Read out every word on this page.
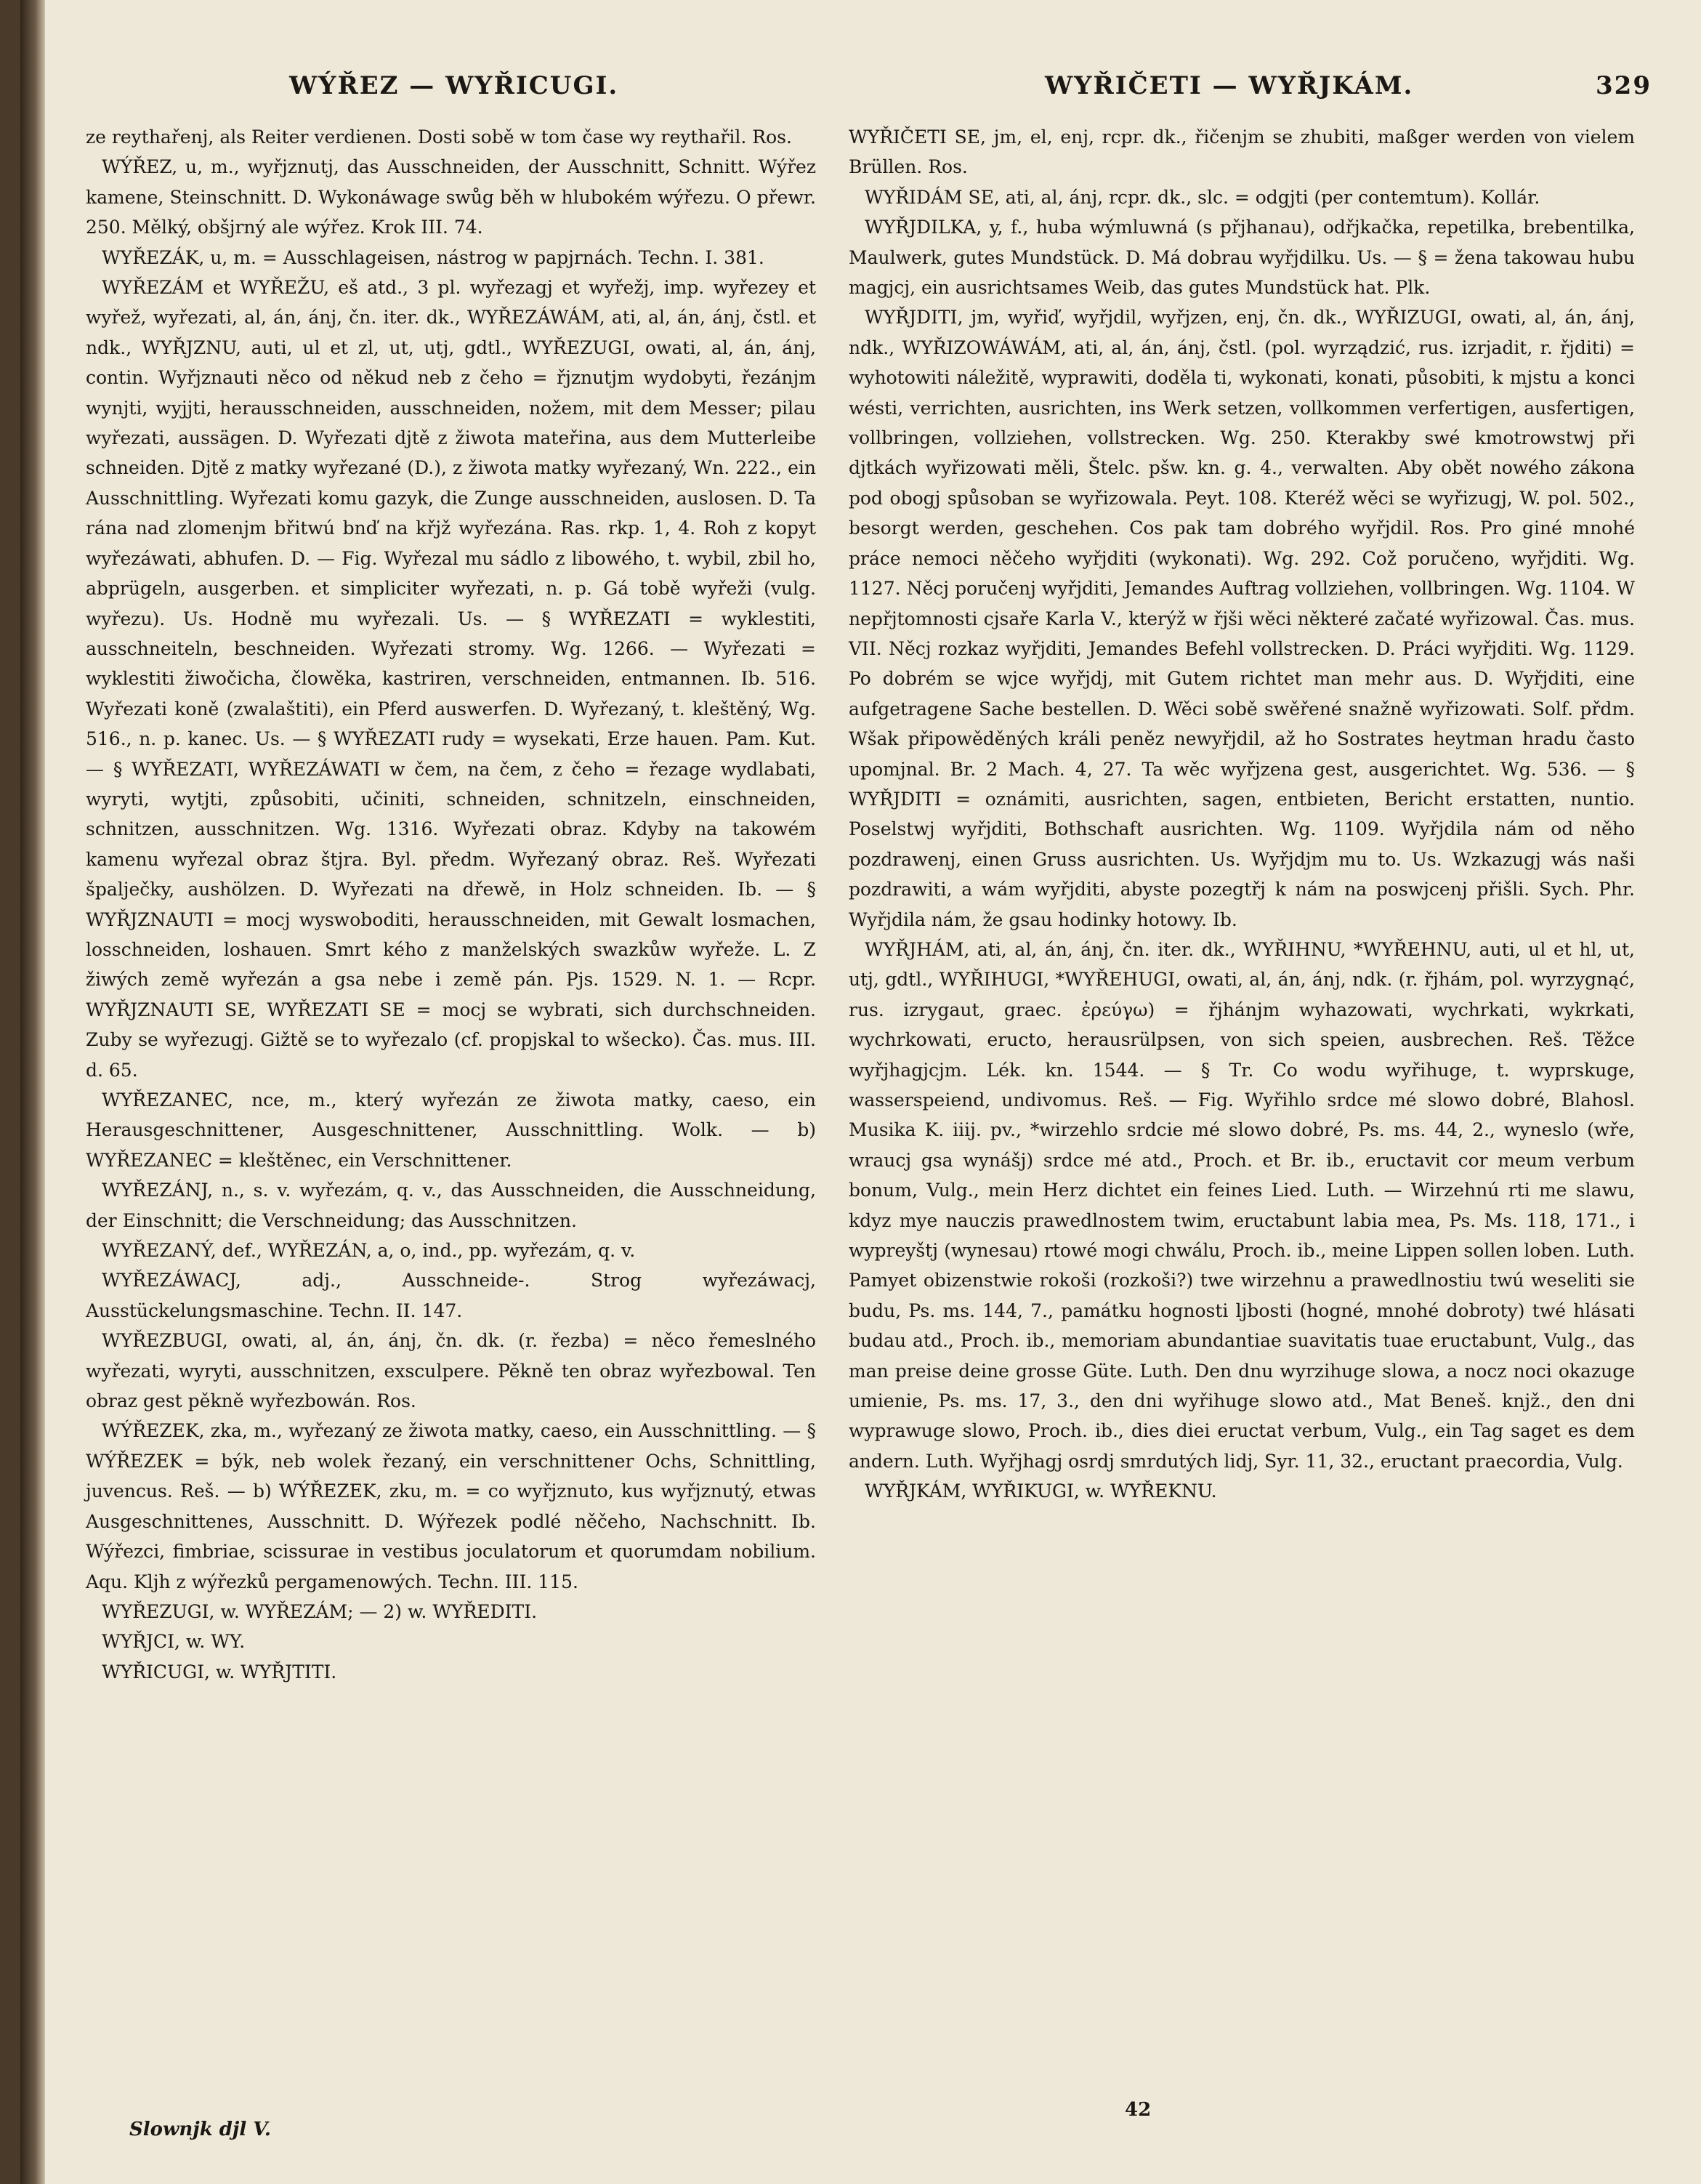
WÝŘEZ — WYŘICUGI.	WYŘIČETI — WYŘJKÁM.	329

ze reythařenj, als Reiter verdienen. Dosti sobě w tom čase wy reythařil. Ros.

WÝŘEZ, u, m., wyřjznutj, das Ausschneiden, der Ausschnitt, Schnitt. Wýřez kamene, Steinschnitt. D. Wykonáwage swůg běh w hlubokém wýřezu. O přewr. 250. Mělký, obšjrný ale wýřez. Krok III. 74.

WYŘEZÁK, u, m. = Ausschlageisen, nástrog w papjrnách. Techn. I. 381.

WYŘEZÁM et WYŘEŽU, eš atd., 3 pl. wyřezagj et wyřežj, imp. wyřezey et wyřež, wyřezati, al, án, ánj, čn. iter. dk., WYŘEZÁWÁM, ati, al, án, ánj, čstl. et ndk., WYŘJZNU, auti, ul et zl, ut, utj, gdtl., WYŘEZUGI, owati, al, án, ánj, contin. Wyřjznauti něco od někud neb z čeho = řjznutjm wydobyti, řezánjm wynjti, wyjjti, herausschneiden, ausschneiden, nožem, mit dem Messer; pilau wyřezati, aussägen. D. Wyřezati djtě z žiwota mateřina, aus dem Mutterleibe schneiden. Djtě z matky wyřezané (D.), z žiwota matky wyřezaný, Wn. 222., ein Ausschnittling. Wyřezati komu gazyk, die Zunge ausschneiden, auslosen. D. Ta rána nad zlomenjm břitwú bnď na křjž wyřezána. Ras. rkp. 1, 4. Roh z kopyt wyřezáwati, abhufen. D. — Fig. Wyřezal mu sádlo z libowého, t. wybil, zbil ho, abprügeln, ausgerben. et simpliciter wyřezati, n. p. Gá tobě wyřeži (vulg. wyřezu). Us. Hodně mu wyřezali. Us. — § WYŘEZATI = wyklestiti, ausschneiteln, beschneiden. Wyřezati stromy. Wg. 1266. — Wyřezati = wyklestiti žiwočicha, člowěka, kastriren, verschneiden, entmannen. Ib. 516. Wyřezati koně (zwalaštiti), ein Pferd auswerfen. D. Wyřezaný, t. kleštěný, Wg. 516., n. p. kanec. Us. — § WYŘEZATI rudy = wysekati, Erze hauen. Pam. Kut. — § WYŘEZATI, WYŘEZÁWATI w čem, na čem, z čeho = řezage wydlabati, wyryti, wytjti, způsobiti, učiniti, schneiden, schnitzeln, einschneiden, schnitzen, ausschnitzen. Wg. 1316. Wyřezati obraz. Kdyby na takowém kamenu wyřezal obraz štjra. Byl. předm. Wyřezaný obraz. Reš. Wyřezati špalječky, aushölzen. D. Wyřezati na dřewě, in Holz schneiden. Ib. — § WYŘJZNAUTI = mocj wyswoboditi, herausschneiden, mit Gewalt losmachen, losschneiden, loshauen. Smrt kého z manželských swazkůw wyřeže. L. Z žiwých země wyřezán a gsa nebe i země pán. Pjs. 1529. N. 1. — Rcpr. WYŘJZNAUTI SE, WYŘEZATI SE = mocj se wybrati, sich durchschneiden. Zuby se wyřezugj. Gižtě se to wyřezalo (cf. propjskal to wšecko). Čas. mus. III. d. 65.

WYŘEZANEC, nce, m., který wyřezán ze žiwota matky, caeso, ein Herausgeschnittener, Ausgeschnittener, Ausschnittling. Wolk. — b) WYŘEZANEC = kleštěnec, ein Verschnittener.

WYŘEZÁNJ, n., s. v. wyřezám, q. v., das Ausschneiden, die Ausschneidung, der Einschnitt; die Verschneidung; das Ausschnitzen.

WYŘEZANÝ, def., WYŘEZÁN, a, o, ind., pp. wyřezám, q. v.

WYŘEZÁWACJ, adj., Ausschneide-. Strog wyřezáwacj, Ausstückelungsmaschine. Techn. II. 147.

WYŘEZBUGI, owati, al, án, ánj, čn. dk. (r. řezba) = něco řemeslného wyřezati, wyryti, ausschnitzen, exsculpere. Pěkně ten obraz wyřezbowal. Ten obraz gest pěkně wyřezbowán. Ros.

WÝŘEZEK, zka, m., wyřezaný ze žiwota matky, caeso, ein Ausschnittling. — § WÝŘEZEK = býk, neb wolek řezaný, ein verschnittener Ochs, Schnittling, juvencus. Reš. — b) WÝŘEZEK, zku, m. = co wyřjznuto, kus wyřjznutý, etwas Ausgeschnittenes, Ausschnitt. D. Wýřezek podlé něčeho, Nachschnitt. Ib. Wýřezci, fimbriae, scissurae in vestibus joculatorum et quorumdam nobilium. Aqu. Kljh z wýřezků pergamenowých. Techn. III. 115.

WYŘEZUGI, w. WYŘEZÁM; — 2) w. WYŘEDITI.

WYŘJCI, w. WY.

WYŘICUGI, w. WYŘJTITI.

WYŘIČETI SE, jm, el, enj, rcpr. dk., řičenjm se zhubiti, maßger werden von vielem Brüllen. Ros.

WYŘIDÁM SE, ati, al, ánj, rcpr. dk., slc. = odgjti (per contemtum). Kollár.

WYŘJDILKA, y, f., huba wýmluwná (s přjhanau), odřjkačka, repetilka, brebentilka, Maulwerk, gutes Mundstück. D. Má dobrau wyřjdilku. Us. — § = žena takowau hubu magjcj, ein ausrichtsames Weib, das gutes Mundstück hat. Plk.

WYŘJDITI, jm, wyřiď, wyřjdil, wyřjzen, enj, čn. dk., WYŘIZUGI, owati, al, án, ánj, ndk., WYŘIZOWÁWÁM, ati, al, án, ánj, čstl. (pol. wyrządzić, rus. izrjadit, r. řjditi) = wyhotowiti náležitě, wyprawiti, doděla ti, wykonati, konati, působiti, k mjstu a konci wésti, verrichten, ausrichten, ins Werk setzen, vollkommen verfertigen, ausfertigen, vollbringen, vollziehen, vollstrecken. Wg. 250. Kterakby swé kmotrowstwj při djtkách wyřizowati měli, Štelc. pšw. kn. g. 4., verwalten. Aby obět nowého zákona pod obogj spůsoban se wyřizowala. Peyt. 108. Kteréž wěci se wyřizugj, W. pol. 502., besorgt werden, geschehen. Cos pak tam dobrého wyřjdil. Ros. Pro giné mnohé práce nemoci něčeho wyřjditi (wykonati). Wg. 292. Což poručeno, wyřjditi. Wg. 1127. Něcj poručenj wyřjditi, Jemandes Auftrag vollziehen, vollbringen. Wg. 1104. W nepřjtomnosti cjsaře Karla V., kterýž w řjši wěci některé začaté wyřizowal. Čas. mus. VII. Něcj rozkaz wyřjditi, Jemandes Befehl vollstrecken. D. Práci wyřjditi. Wg. 1129. Po dobrém se wjce wyřjdj, mit Gutem richtet man mehr aus. D. Wyřjditi, eine aufgetragene Sache bestellen. D. Wěci sobě swěřené snažně wyřizowati. Solf. přdm. Wšak připowěděných králi peněz newyřjdil, až ho Sostrates heytman hradu často upomjnal. Br. 2 Mach. 4, 27. Ta wěc wyřjzena gest, ausgerichtet. Wg. 536. — § WYŘJDITI = oznámiti, ausrichten, sagen, entbieten, Bericht erstatten, nuntio. Poselstwj wyřjditi, Bothschaft ausrichten. Wg. 1109. Wyřjdila nám od něho pozdrawenj, einen Gruss ausrichten. Us. Wyřjdjm mu to. Us. Wzkazugj wás naši pozdrawiti, a wám wyřjditi, abyste pozegtřj k nám na poswjcenj přišli. Sych. Phr. Wyřjdila nám, že gsau hodinky hotowy. Ib.

WYŘJHÁM, ati, al, án, ánj, čn. iter. dk., WYŘIHNU, *WYŘEHNU, auti, ul et hl, ut, utj, gdtl., WYŘIHUGI, *WYŘEHUGI, owati, al, án, ánj, ndk. (r. řjhám, pol. wyrzygnąć, rus. izrygaut, graec. ἐρεύγω) = řjhánjm wyhazowati, wychrkati, wykrkati, wychrkowati, eructo, herausrülpsen, von sich speien, ausbrechen. Reš. Těžce wyřjhagjcjm. Lék. kn. 1544. — § Tr. Co wodu wyřihuge, t. wyprskuge, wasserspeiend, undivomus. Reš. — Fig. Wyřihlo srdce mé slowo dobré, Blahosl. Musika K. iiij. pv., *wirzehlo srdcie mé slowo dobré, Ps. ms. 44, 2., wyneslo (wře, wraucj gsa wynášj) srdce mé atd., Proch. et Br. ib., eructavit cor meum verbum bonum, Vulg., mein Herz dichtet ein feines Lied. Luth. — Wirzehnú rti me slawu, kdyz mye nauczis prawedlnostem twim, eructabunt labia mea, Ps. Ms. 118, 171., i wypreyštj (wynesau) rtowé mogi chwálu, Proch. ib., meine Lippen sollen loben. Luth. Pamyet obizenstwie rokoši (rozkoši?) twe wirzehnu a prawedlnostiu twú weseliti sie budu, Ps. ms. 144, 7., památku hognosti ljbosti (hogné, mnohé dobroty) twé hlásati budau atd., Proch. ib., memoriam abundantiae suavitatis tuae eructabunt, Vulg., das man preise deine grosse Güte. Luth. Den dnu wyrzihuge slowa, a nocz noci okazuge umienie, Ps. ms. 17, 3., den dni wyřihuge slowo atd., Mat Beneš. knjž., den dni wyprawuge slowo, Proch. ib., dies diei eructat verbum, Vulg., ein Tag saget es dem andern. Luth. Wyřjhagj osrdj smrdutých lidj, Syr. 11, 32., eructant praecordia, Vulg.

WYŘJKÁM, WYŘIKUGI, w. WYŘEKNU.

Slownjk djl V.
42
